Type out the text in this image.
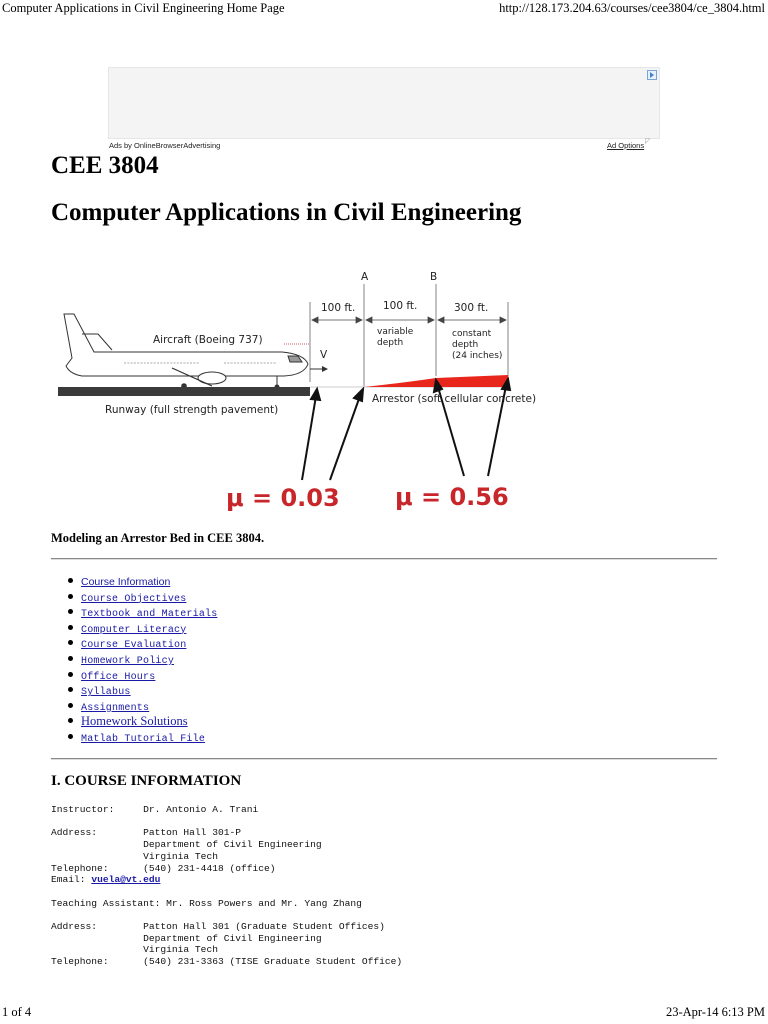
Computer Applications in Civil Engineering Home Page	http://128.173.204.63/courses/cee3804/ce_3804.html
Ads by OnlineBrowserAdvertising	Ad Options ◸
CEE 3804
Computer Applications in Civil Engineering
A	B
100 ft.	100 ft.	300 ft.
variable
depth
constant
depth
(24 inches)
Aircraft (Boeing 737)
V
Runway (full strength pavement)
Arrestor (soft cellular concrete)
μ = 0.03 μ = 0.56
Modeling an Arrestor Bed in CEE 3804.
Course Information
Course Objectives
Textbook and Materials
Computer Literacy
Course Evaluation
Homework Policy
Office Hours
Syllabus
Assignments
Homework Solutions
Matlab Tutorial File
I. COURSE INFORMATION
Instructor:     Dr. Antonio A. Trani

Address:        Patton Hall 301-P
Department of Civil Engineering
Virginia Tech
Telephone:      (540) 231-4418 (office)
Email: vuela@vt.edu

Teaching Assistant: Mr. Ross Powers and Mr. Yang Zhang

Address:        Patton Hall 301 (Graduate Student Offices)
Department of Civil Engineering
Virginia Tech
Telephone:      (540) 231-3363 (TISE Graduate Student Office)
1 of 4	23-Apr-14 6:13 PM
